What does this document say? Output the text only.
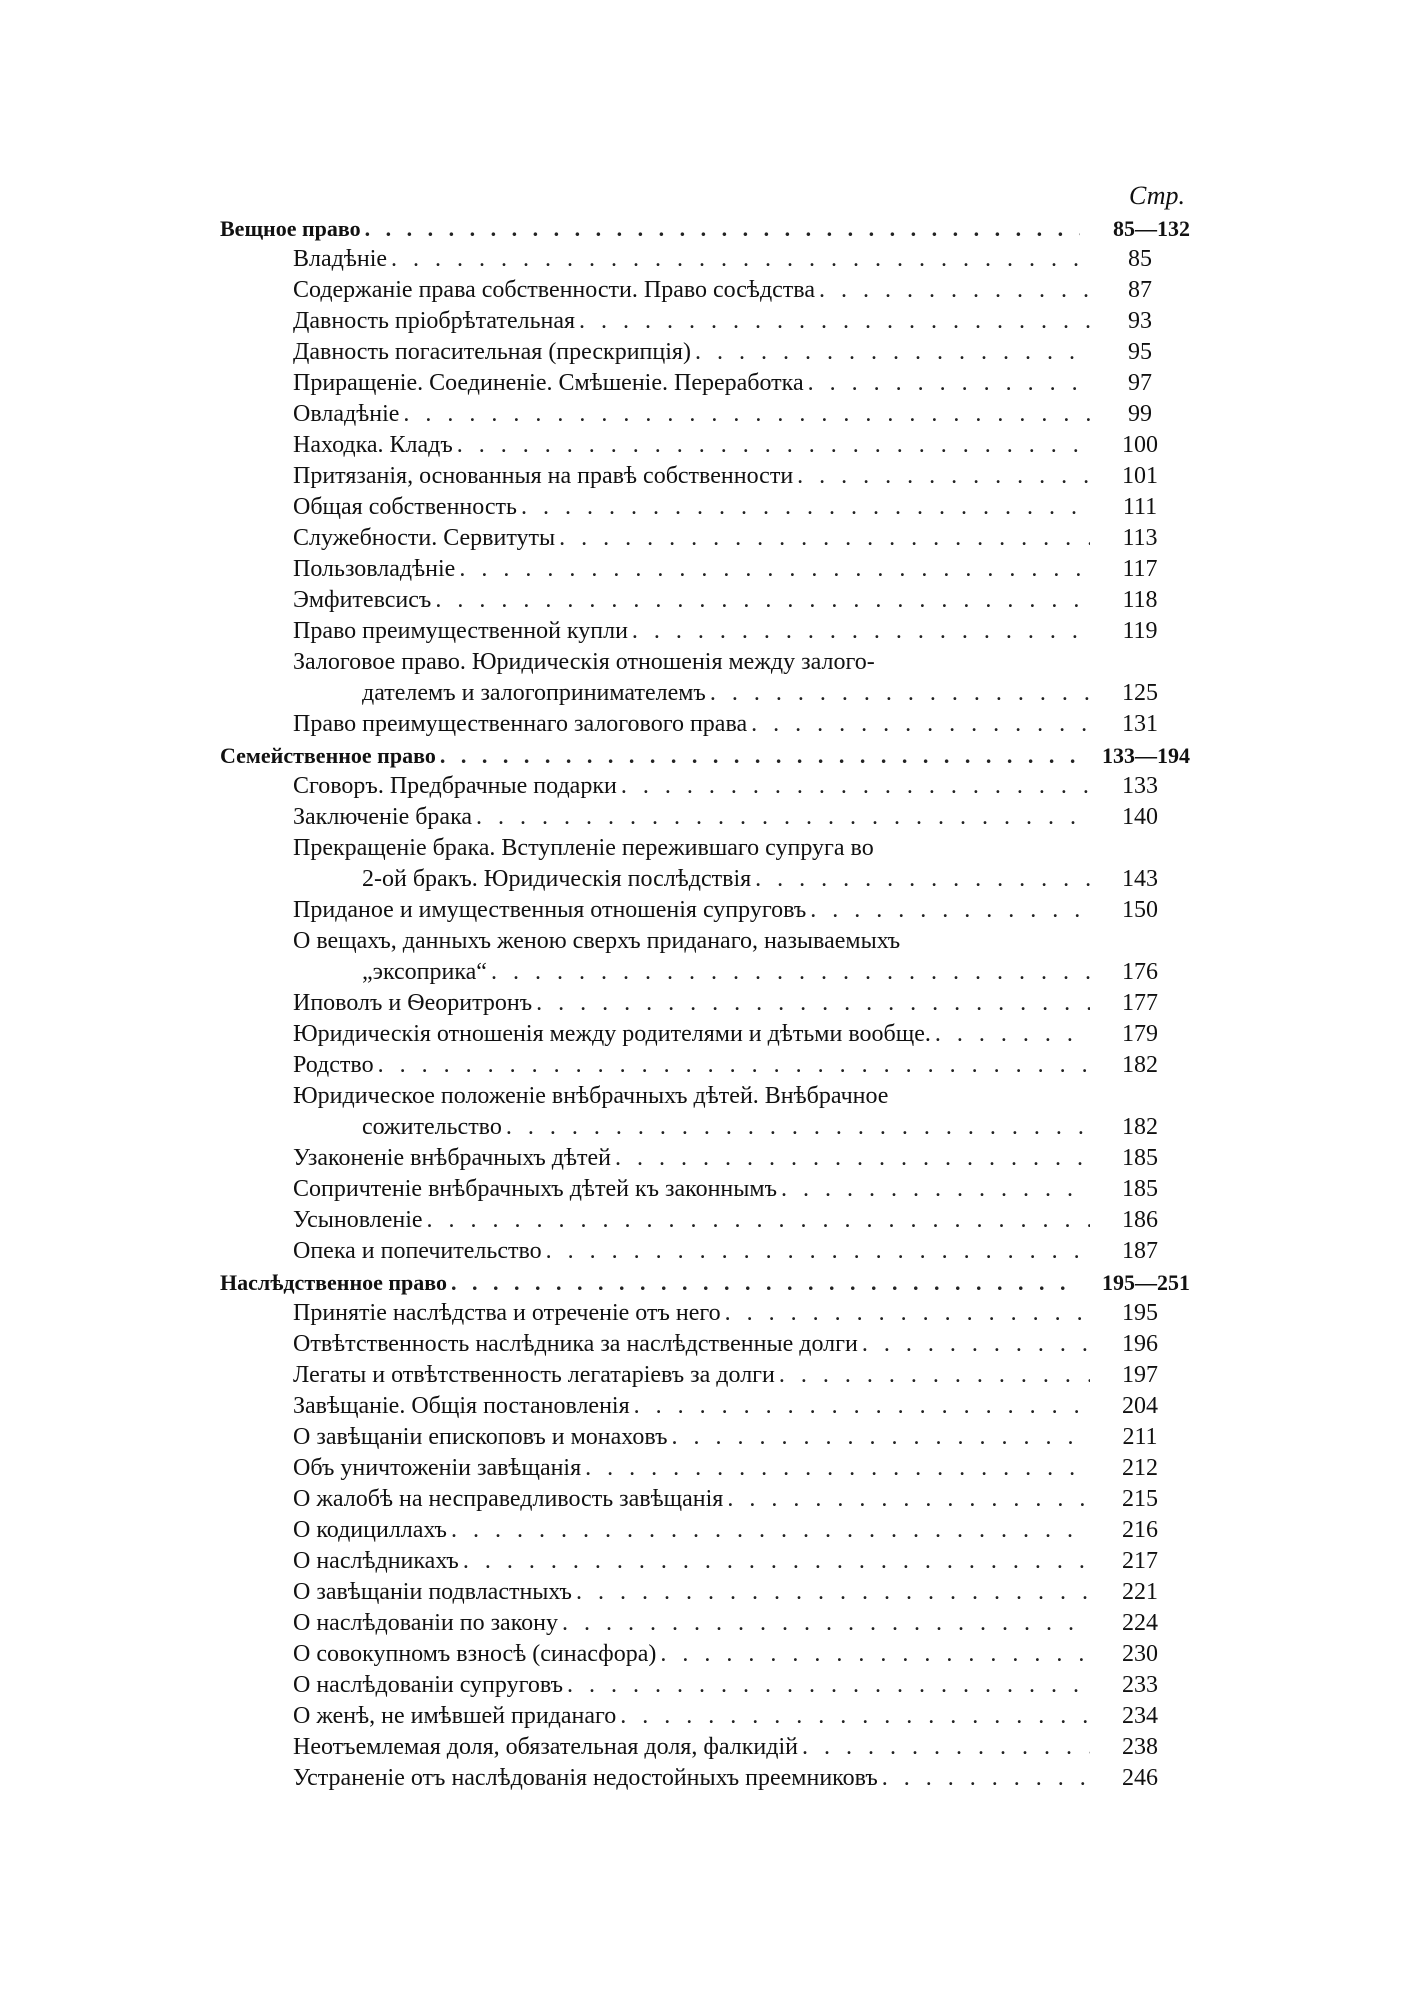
Стр.
Вещное право . . .	85—132
Владѣніе . . .	85
Содержаніе права собственности. Право сосѣдства . . .	87
Давность пріобрѣтательная . . .	93
Давность погасительная (прескрипція) . . .	95
Приращеніе. Соединеніе. Смѣшеніе. Переработка . . .	97
Овладѣніе . . .	99
Находка. Кладъ . . .	100
Притязанія, основанныя на правѣ собственности . . .	101
Общая собственность . . .	111
Служебности. Сервитуты . . .	113
Пользовладѣніе . . .	117
Эмфитевсисъ . . .	118
Право преимущественной купли . . .	119
Залоговое право. Юридическія отношенія между залого-
дателемъ и залогопринимателемъ . . .	125
Право преимущественнаго залогового права . . .	131
Семейственное право . . .	133—194
Сговоръ. Предбрачные подарки . . .	133
Заключеніе брака . . .	140
Прекращеніе брака. Вступленіе пережившаго супруга во
2-ой бракъ. Юридическія послѣдствія . . .	143
Приданое и имущественныя отношенія супруговъ . . .	150
О вещахъ, данныхъ женою сверхъ приданаго, называемыхъ
„эксоприка“ . . .	176
Иповолъ и Ѳеоритронъ . . .	177
Юридическія отношенія между родителями и дѣтьми вообще. . . .	179
Родство . . .	182
Юридическое положеніе внѣбрачныхъ дѣтей. Внѣбрачное
сожительство . . .	182
Узаконеніе внѣбрачныхъ дѣтей . . .	185
Сопричтеніе внѣбрачныхъ дѣтей къ законнымъ . . .	185
Усыновленіе . . .	186
Опека и попечительство . . .	187
Наслѣдственное право . . .	195—251
Принятіе наслѣдства и отреченіе отъ него . . .	195
Отвѣтственность наслѣдника за наслѣдственные долги . . .	196
Легаты и отвѣтственность легатаріевъ за долги . . .	197
Завѣщаніе. Общія постановленія . . .	204
О завѣщаніи епископовъ и монаховъ . . .	211
Объ уничтоженіи завѣщанія . . .	212
О жалобѣ на несправедливость завѣщанія . . .	215
О кодициллахъ . . .	216
О наслѣдникахъ . . .	217
О завѣщаніи подвластныхъ . . .	221
О наслѣдованіи по закону . . .	224
О совокупномъ взносѣ (синасфора) . . .	230
О наслѣдованіи супруговъ . . .	233
О женѣ, не имѣвшей приданаго . . .	234
Неотъемлемая доля, обязательная доля, фалкидій . . .	238
Устраненіе отъ наслѣдованія недостойныхъ преемниковъ . . .	246
